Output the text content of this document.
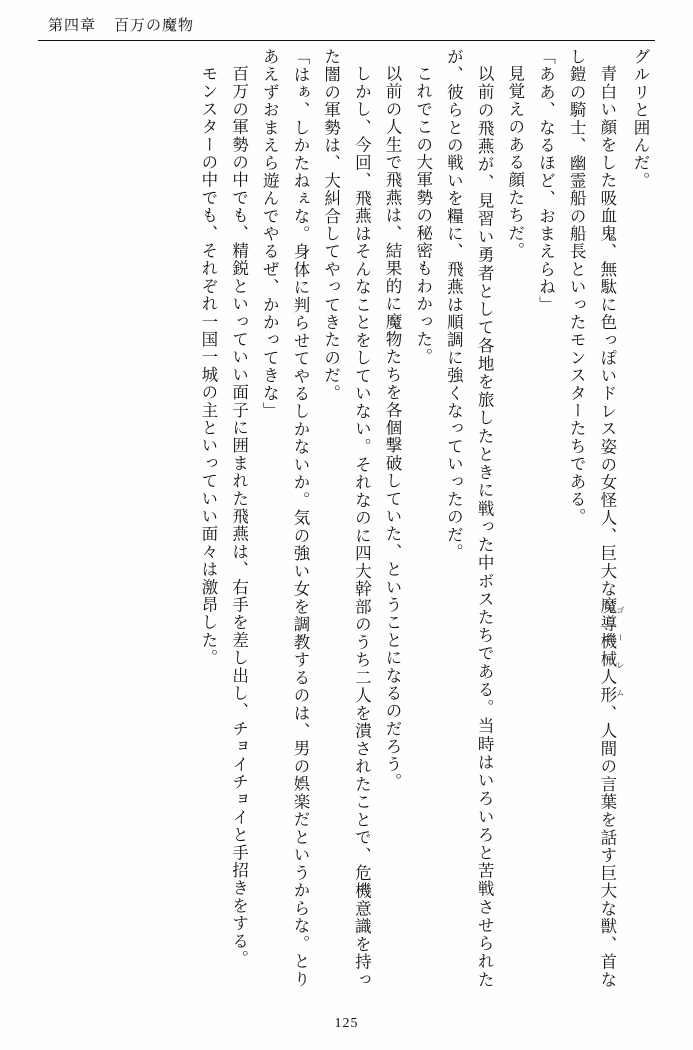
第四章 百万の魔物

グルリと囲んだ。

青白い顔をした吸血鬼、無駄に色っぽいドレス姿の女怪人、巨大な魔導機械人形 ゴーレム、人間の言葉を話す巨大な獣、首なし鎧の騎士、幽霊船の船長といったモンスターたちである。

「ああ、なるほど、おまえらね」

見覚えのある顔たちだ。

以前の飛燕が、見習い勇者として各地を旅したときに戦った中ボスたちである。当時はいろいろと苦戦させられたが、彼らとの戦いを糧に、飛燕は順調に強くなっていったのだ。

これでこの大軍勢の秘密もわかった。

以前の人生で飛燕は、結果的に魔物たちを各個撃破していた、ということになるのだろう。

しかし、今回、飛燕はそんなことをしていない。それなのに四大幹部のうち二人を潰されたことで、危機意識を持った闇の軍勢は、大糾合してやってきたのだ。

「はぁ、しかたねぇな。身体に判らせてやるしかないか。気の強い女を調教するのは、男の娯楽だというからな。とりあえずおまえら遊んでやるぜ、かかってきな」

百万の軍勢の中でも、精鋭といっていい面子に囲まれた飛燕は、右手を差し出し、チョイチョイと手招きをする。

モンスターの中でも、それぞれ一国一城の主といっていい面々は激昂した。

125
